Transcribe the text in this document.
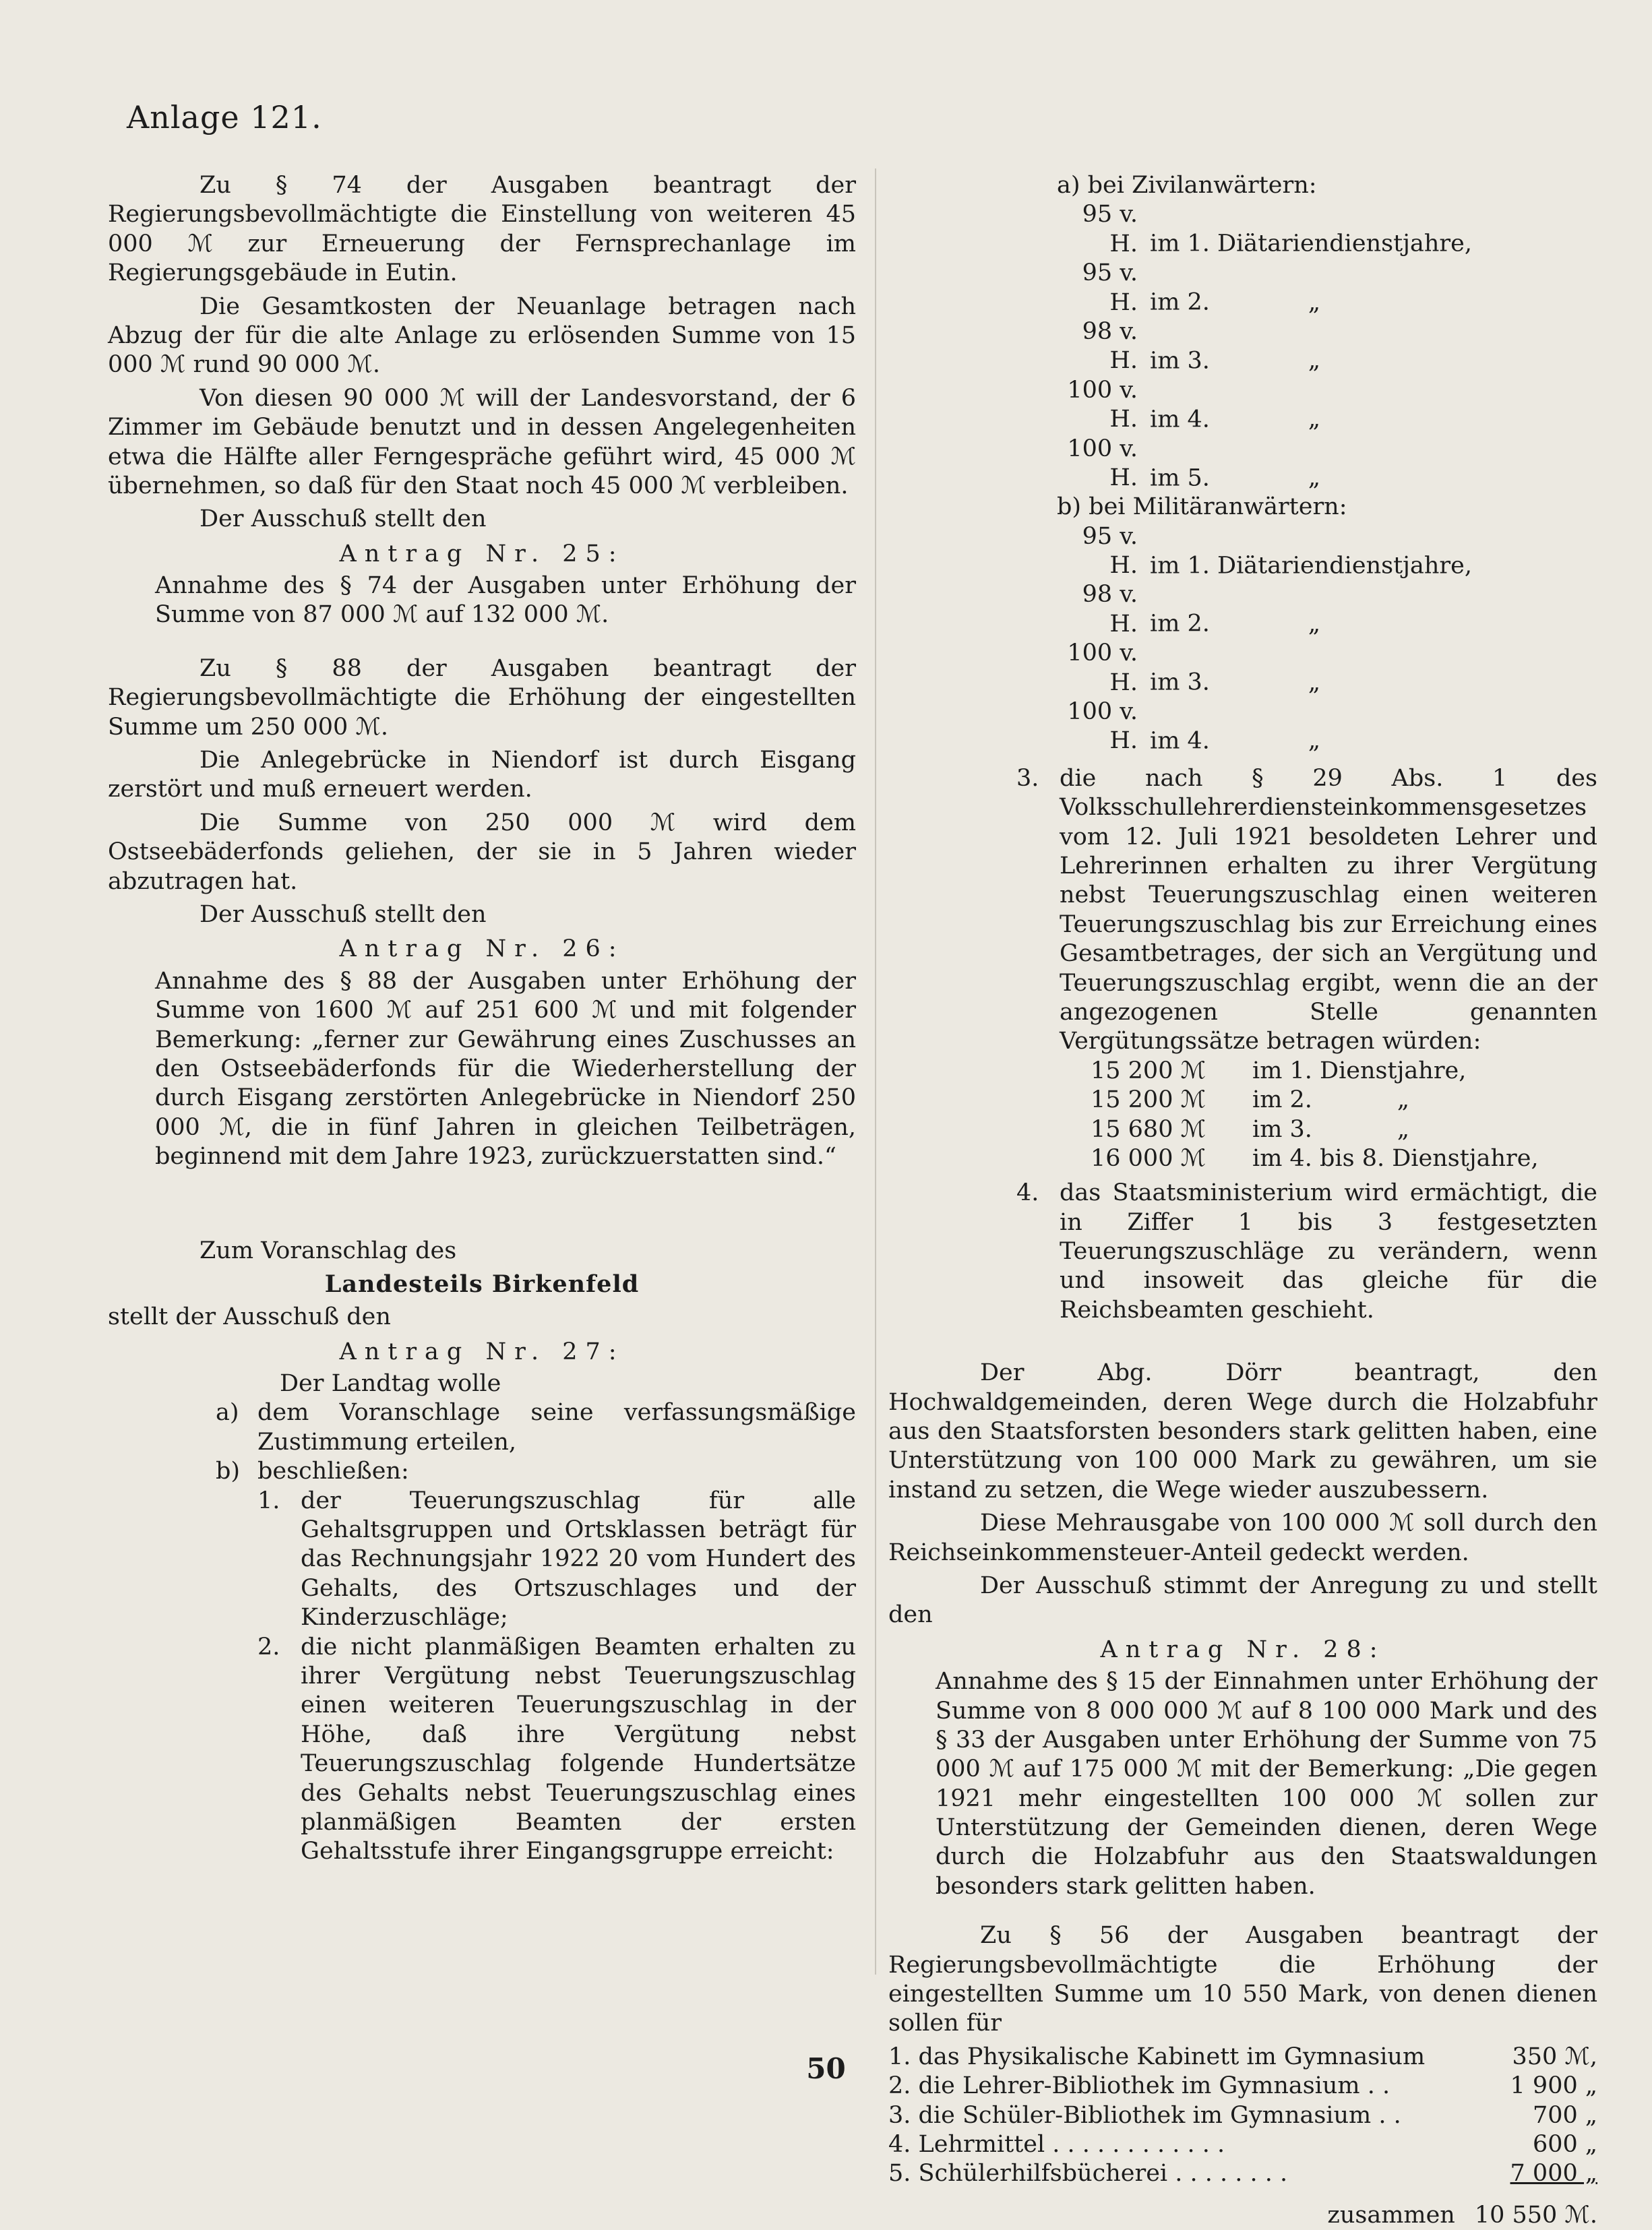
Anlage 121.

Zu § 74 der Ausgaben beantragt der Regierungsbevollmächtigte die Einstellung von weiteren 45 000 ℳ zur Erneuerung der Fernsprechanlage im Regierungsgebäude in Eutin.

Die Gesamtkosten der Neuanlage betragen nach Abzug der für die alte Anlage zu erlösenden Summe von 15 000 ℳ rund 90 000 ℳ.

Von diesen 90 000 ℳ will der Landesvorstand, der 6 Zimmer im Gebäude benutzt und in dessen Angelegenheiten etwa die Hälfte aller Ferngespräche geführt wird, 45 000 ℳ übernehmen, so daß für den Staat noch 45 000 ℳ verbleiben.

Der Ausschuß stellt den

Antrag Nr. 25:
Annahme des § 74 der Ausgaben unter Erhöhung der Summe von 87 000 ℳ auf 132 000 ℳ.

Zu § 88 der Ausgaben beantragt der Regierungsbevollmächtigte die Erhöhung der eingestellten Summe um 250 000 ℳ.

Die Anlegebrücke in Niendorf ist durch Eisgang zerstört und muß erneuert werden.

Die Summe von 250 000 ℳ wird dem Ostseebäderfonds geliehen, der sie in 5 Jahren wieder abzutragen hat.

Der Ausschuß stellt den

Antrag Nr. 26:
Annahme des § 88 der Ausgaben unter Erhöhung der Summe von 1600 ℳ auf 251 600 ℳ und mit folgender Bemerkung: „ferner zur Gewährung eines Zuschusses an den Ostseebäderfonds für die Wiederherstellung der durch Eisgang zerstörten Anlegebrücke in Niendorf 250 000 ℳ, die in fünf Jahren in gleichen Teilbeträgen, beginnend mit dem Jahre 1923, zurückzuerstatten sind.“

Zum Voranschlag des

Landesteils Birkenfeld

stellt der Ausschuß den

Antrag Nr. 27:
Der Landtag wolle
a) dem Voranschlage seine verfassungsmäßige Zustimmung erteilen,
b) beschließen:
1. der Teuerungszuschlag für alle Gehaltsgruppen und Ortsklassen beträgt für das Rechnungsjahr 1922 20 vom Hundert des Gehalts, des Ortszuschlages und der Kinderzuschläge;
2. die nicht planmäßigen Beamten erhalten zu ihrer Vergütung nebst Teuerungszuschlag einen weiteren Teuerungszuschlag in der Höhe, daß ihre Vergütung nebst Teuerungszuschlag folgende Hundertsätze des Gehalts nebst Teuerungszuschlag eines planmäßigen Beamten der ersten Gehaltsstufe ihrer Eingangsgruppe erreicht:
a) bei Zivilanwärtern:
95 v. H. im 1. Diätariendienstjahre,
95 v. H. im 2.	„
98 v. H. im 3.	„
100 v. H. im 4.	„
100 v. H. im 5.	„
b) bei Militäranwärtern:
95 v. H. im 1. Diätariendienstjahre,
98 v. H. im 2.	„
100 v. H. im 3.	„
100 v. H. im 4.	„
3. die nach § 29 Abs. 1 des Volksschullehrerdiensteinkommensgesetzes vom 12. Juli 1921 besoldeten Lehrer und Lehrerinnen erhalten zu ihrer Vergütung nebst Teuerungszuschlag einen weiteren Teuerungszuschlag bis zur Erreichung eines Gesamtbetrages, der sich an Vergütung und Teuerungszuschlag ergibt, wenn die an der angezogenen Stelle genannten Vergütungssätze betragen würden:
15 200 ℳ im 1. Dienstjahre,
15 200 ℳ im 2.	„
15 680 ℳ im 3.	„
16 000 ℳ im 4. bis 8. Dienstjahre,
4. das Staatsministerium wird ermächtigt, die in Ziffer 1 bis 3 festgesetzten Teuerungszuschläge zu verändern, wenn und insoweit das gleiche für die Reichsbeamten geschieht.

Der Abg. Dörr beantragt, den Hochwaldgemeinden, deren Wege durch die Holzabfuhr aus den Staatsforsten besonders stark gelitten haben, eine Unterstützung von 100 000 Mark zu gewähren, um sie instand zu setzen, die Wege wieder auszubessern.

Diese Mehrausgabe von 100 000 ℳ soll durch den Reichseinkommensteuer-Anteil gedeckt werden.

Der Ausschuß stimmt der Anregung zu und stellt den

Antrag Nr. 28:
Annahme des § 15 der Einnahmen unter Erhöhung der Summe von 8 000 000 ℳ auf 8 100 000 Mark und des § 33 der Ausgaben unter Erhöhung der Summe von 75 000 ℳ auf 175 000 ℳ mit der Bemerkung: „Die gegen 1921 mehr eingestellten 100 000 ℳ sollen zur Unterstützung der Gemeinden dienen, deren Wege durch die Holzabfuhr aus den Staatswaldungen besonders stark gelitten haben.

Zu § 56 der Ausgaben beantragt der Regierungsbevollmächtigte die Erhöhung der eingestellten Summe um 10 550 Mark, von denen dienen sollen für

1. das Physikalische Kabinett im Gymnasium	350 ℳ,
2. die Lehrer-Bibliothek im Gymnasium . .	1 900 „
3. die Schüler-Bibliothek im Gymnasium . .	700 „
4. Lehrmittel . . . . . . . . . . . .	600 „
5. Schülerhilfsbücherei . . . . . . . .	7 000 „
zusammen 10 550 ℳ.
50
